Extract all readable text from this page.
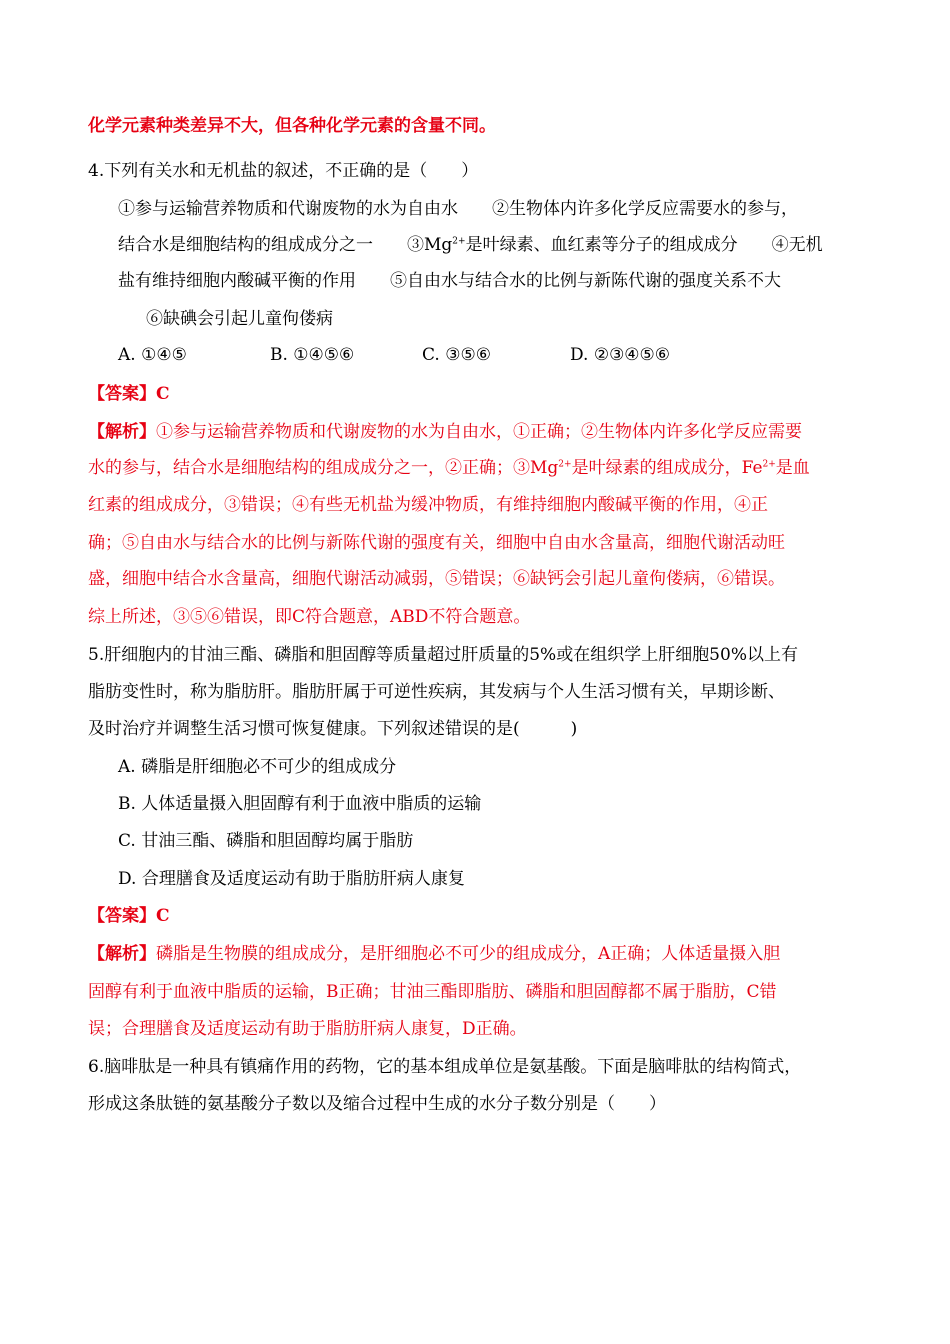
化学元素种类差异不大，但各种化学元素的含量不同。
4.下列有关水和无机盐的叙述，不正确的是（　　）
①参与运输营养物质和代谢废物的水为自由水　　②生物体内许多化学反应需要水的参与，
结合水是细胞结构的组成成分之一　　$③Mg^{2+}$是叶绿素、血红素等分子的组成成分　　④无机
盐有维持细胞内酸碱平衡的作用　　⑤自由水与结合水的比例与新陈代谢的强度关系不大
⑥缺碘会引起儿童佝偻病
A. ①④⑤	B. ①④⑤⑥	C. ③⑤⑥	D. ②③④⑤⑥
【答案】C
【解析】①参与运输营养物质和代谢废物的水为自由水，①正确；②生物体内许多化学反应需要
水的参与，结合水是细胞结构的组成成分之一，②正确；$③Mg^{2+}$是叶绿素的组成成分，$Fe^{2+}$是血
红素的组成成分，③错误；④有些无机盐为缓冲物质，有维持细胞内酸碱平衡的作用，④正
确；⑤自由水与结合水的比例与新陈代谢的强度有关，细胞中自由水含量高，细胞代谢活动旺
盛，细胞中结合水含量高，细胞代谢活动减弱，⑤错误；⑥缺钙会引起儿童佝偻病，⑥错误。
综上所述，③⑤⑥错误，即C符合题意，ABD不符合题意。
5.肝细胞内的甘油三酯、磷脂和胆固醇等质量超过肝质量的5%或在组织学上肝细胞50%以上有
脂肪变性时，称为脂肪肝。脂肪肝属于可逆性疾病，其发病与个人生活习惯有关，早期诊断、
及时治疗并调整生活习惯可恢复健康。下列叙述错误的是(　　　)
A. 磷脂是肝细胞必不可少的组成成分
B. 人体适量摄入胆固醇有利于血液中脂质的运输
C. 甘油三酯、磷脂和胆固醇均属于脂肪
D. 合理膳食及适度运动有助于脂肪肝病人康复
【答案】C
【解析】磷脂是生物膜的组成成分，是肝细胞必不可少的组成成分，A正确；人体适量摄入胆
固醇有利于血液中脂质的运输，B正确；甘油三酯即脂肪、磷脂和胆固醇都不属于脂肪，C错
误；合理膳食及适度运动有助于脂肪肝病人康复，D正确。
6.脑啡肽是一种具有镇痛作用的药物，它的基本组成单位是氨基酸。下面是脑啡肽的结构简式，
形成这条肽链的氨基酸分子数以及缩合过程中生成的水分子数分别是（　　）
